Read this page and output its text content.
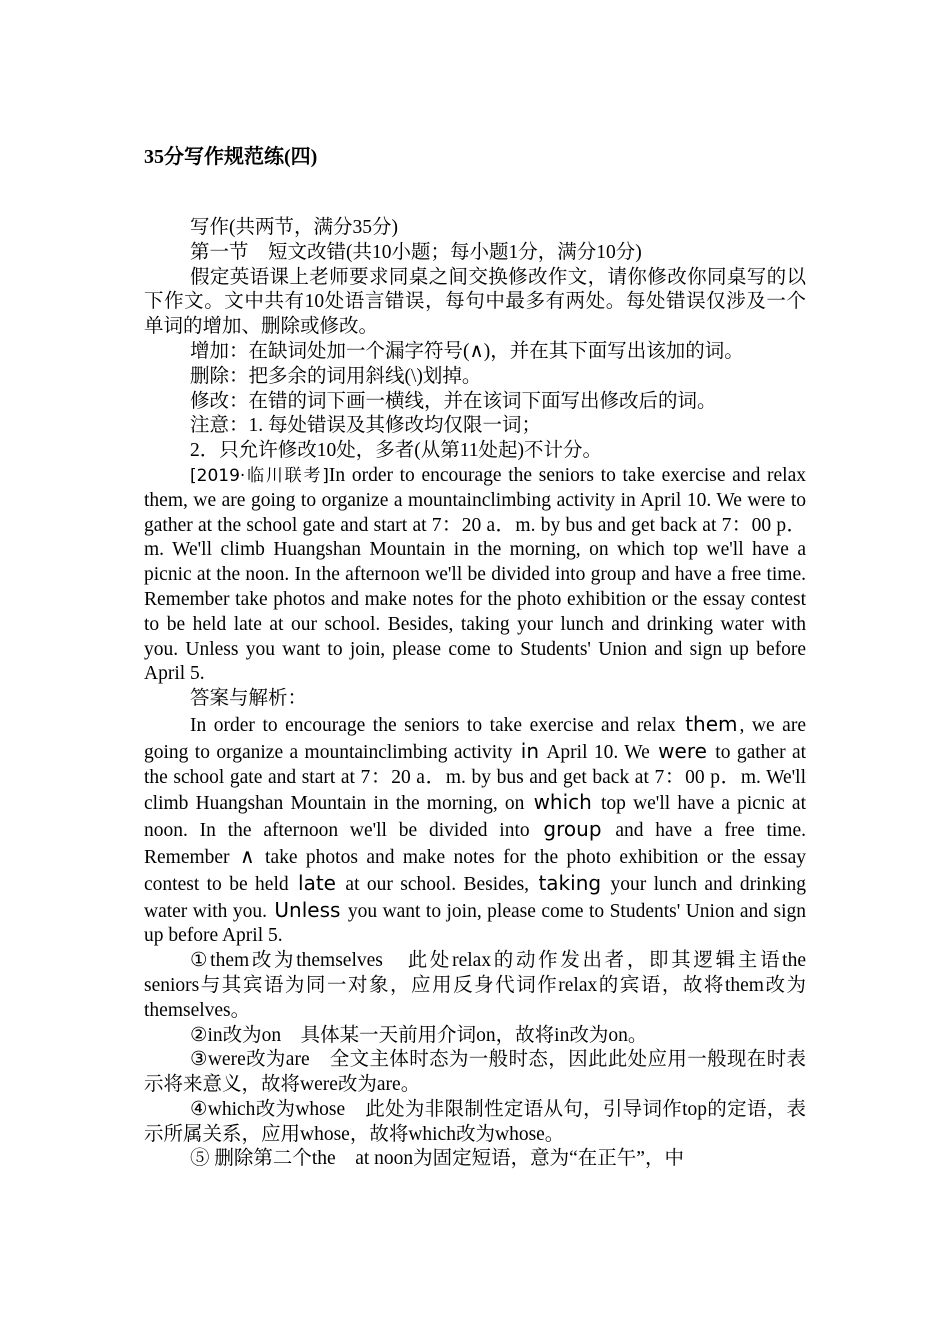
35分写作规范练(四)

写作(共两节，满分35分)

第一节　短文改错(共10小题；每小题1分，满分10分)

假定英语课上老师要求同桌之间交换修改作文，请你修改你同桌写的以下作文。文中共有10处语言错误，每句中最多有两处。每处错误仅涉及一个单词的增加、删除或修改。

增加：在缺词处加一个漏字符号(∧)，并在其下面写出该加的词。

删除：把多余的词用斜线(\)划掉。

修改：在错的词下画一横线，并在该词下面写出修改后的词。

注意：1. 每处错误及其修改均仅限一词；

2．只允许修改10处，多者(从第11处起)不计分。

[2019·临川联考]In order to encourage the seniors to take exercise and relax them, we are going to organize a mountainclimbing activity in April 10. We were to gather at the school gate and start at 7：20 a．m. by bus and get back at 7：00 p．m. We'll climb Huangshan Mountain in the morning, on which top we'll have a picnic at the noon. In the afternoon we'll be divided into group and have a free time. Remember take photos and make notes for the photo exhibition or the essay contest to be held late at our school. Besides, taking your lunch and drinking water with you. Unless you want to join, please come to Students' Union and sign up before April 5.

答案与解析：

In order to encourage the seniors to take exercise and relax them , we are going to organize a mountainclimbing activity in April 10. We were to gather at the school gate and start at 7：20 a．m. by bus and get back at 7：00 p．m. We'll climb Huangshan Mountain in the morning, on which top we'll have a picnic at noon. In the afternoon we'll be divided into group and have a free time. Remember ∧ take photos and make notes for the photo exhibition or the essay contest to be held late at our school. Besides, taking your lunch and drinking water with you. Unless you want to join, please come to Students' Union and sign up before April 5.

①them改为themselves　此处relax的动作发出者，即其逻辑主语the seniors与其宾语为同一对象，应用反身代词作relax的宾语，故将them改为themselves。

②in改为on　具体某一天前用介词on，故将in改为on。

③were改为are　全文主体时态为一般时态，因此此处应用一般现在时表示将来意义，故将were改为are。

④which改为whose　此处为非限制性定语从句，引导词作top的定语，表示所属关系，应用whose，故将which改为whose。

⑤ 删除第二个the　at noon为固定短语，意为“在正午”，中
